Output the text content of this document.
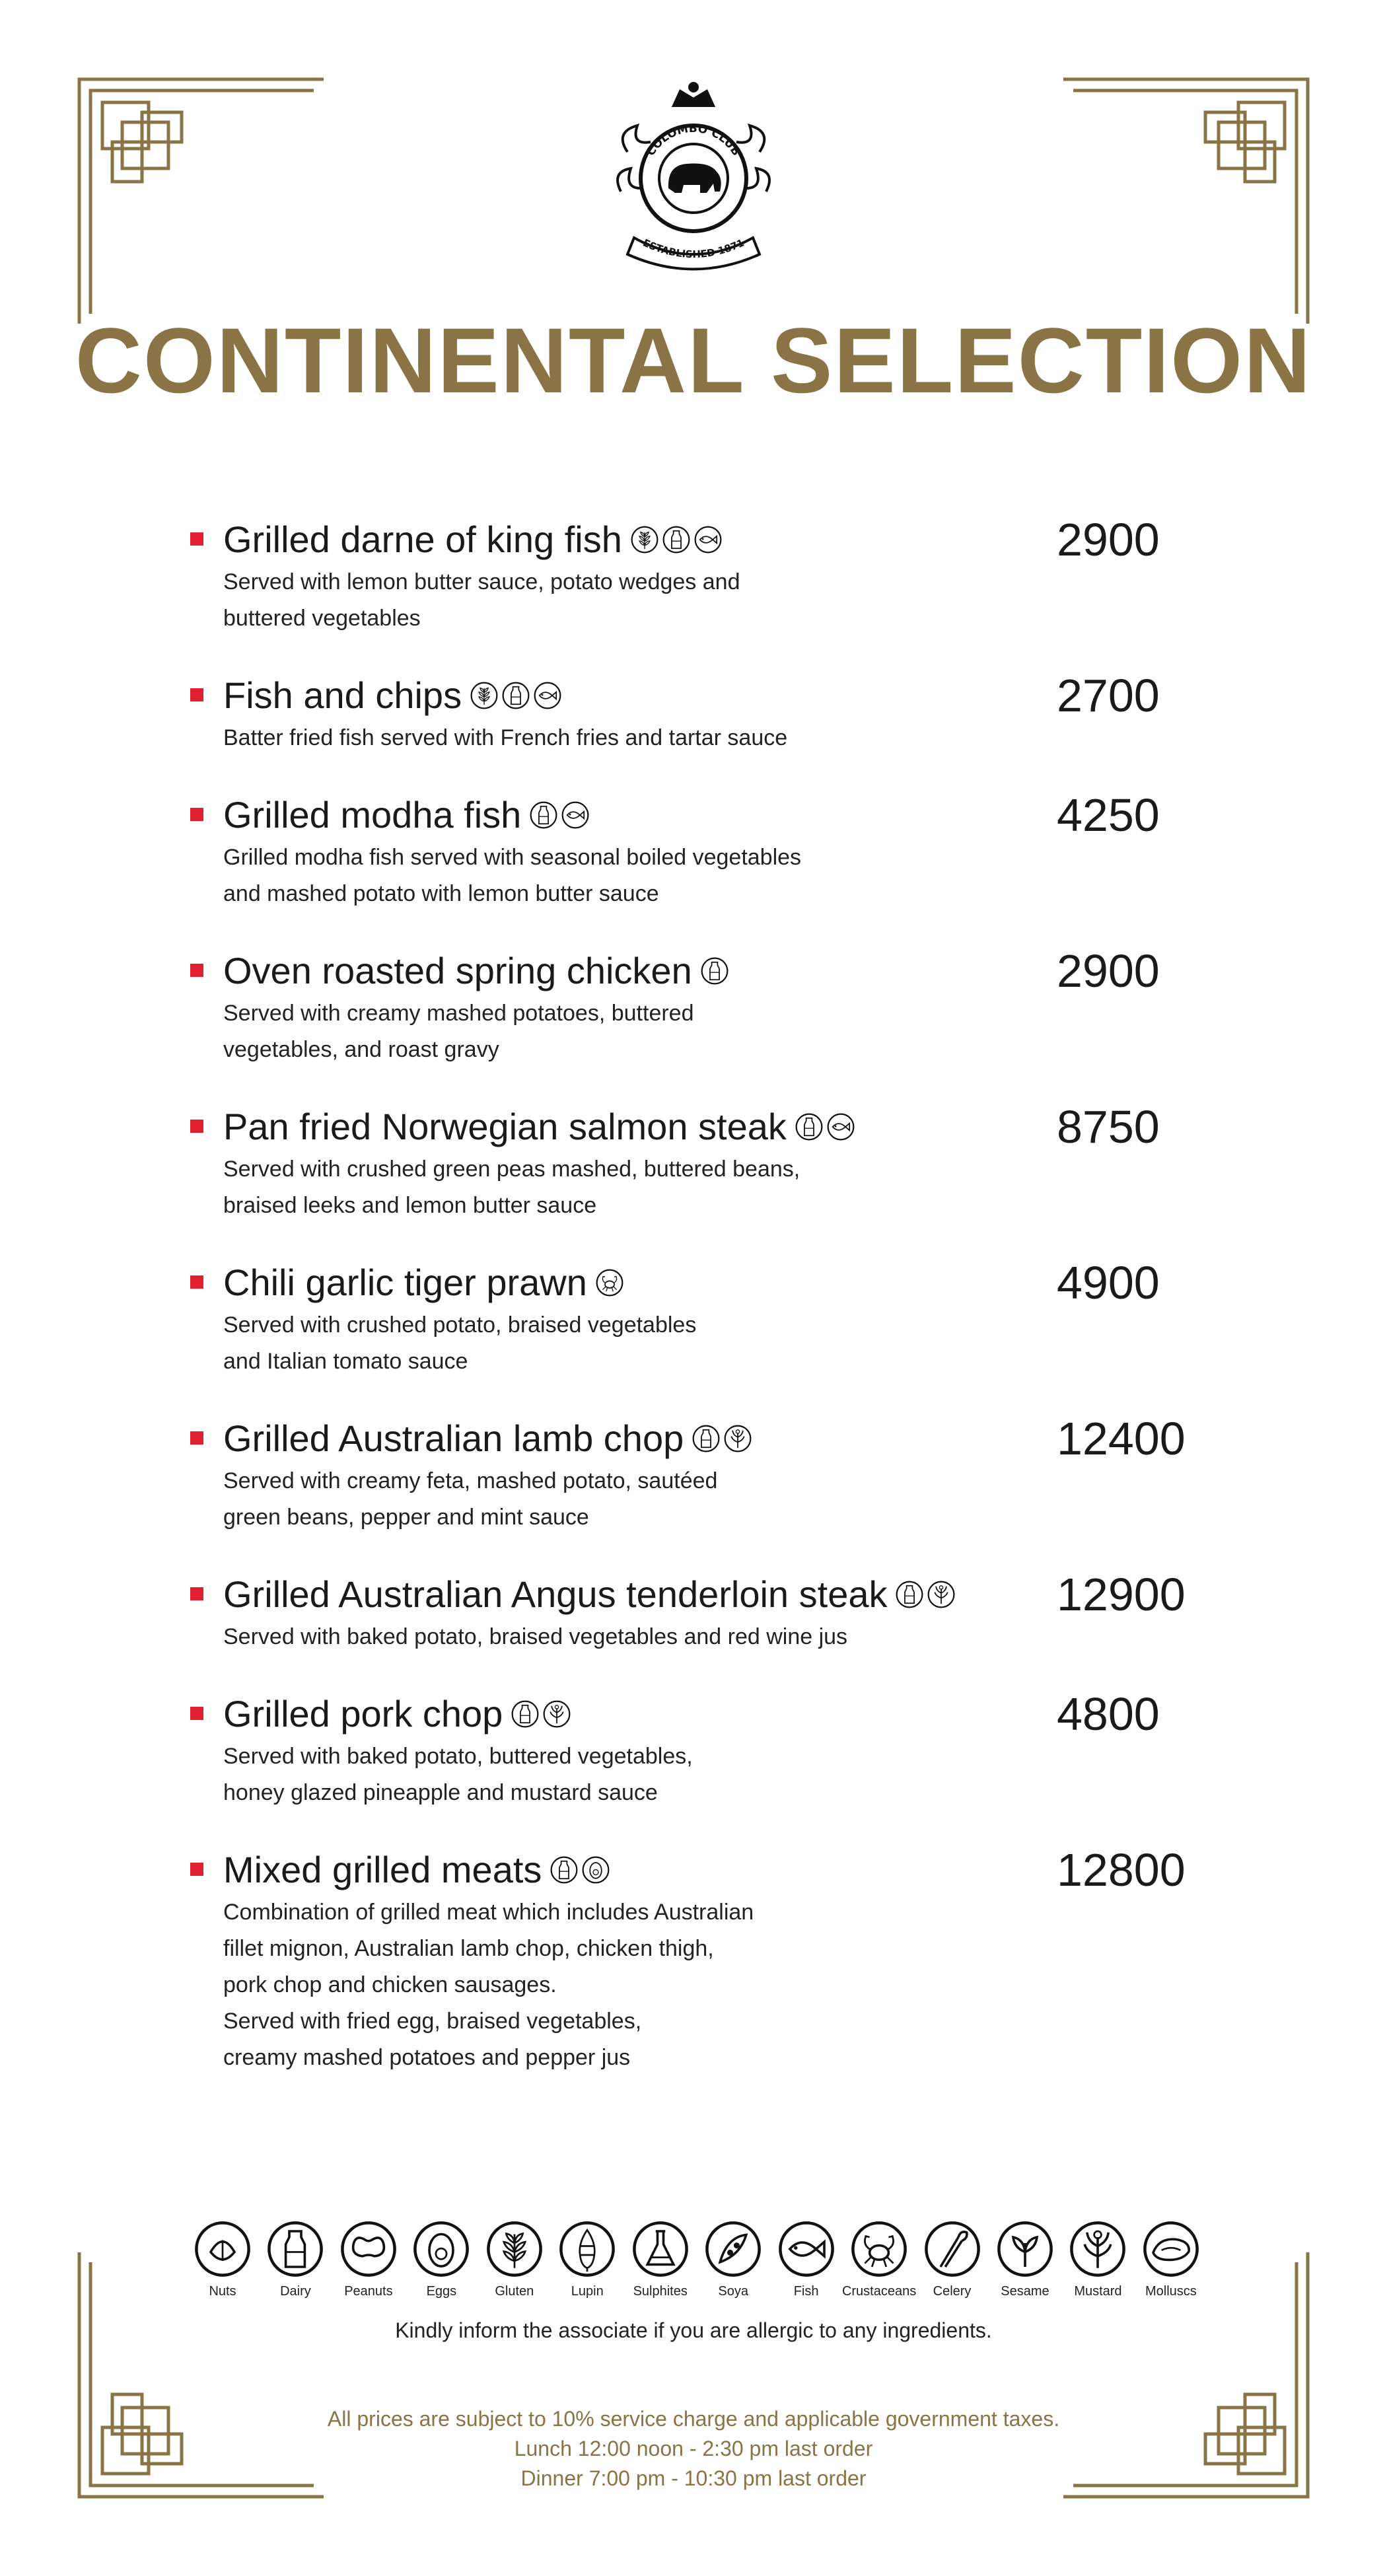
COLOMBO CLUB
ESTABLISHED 1871
CONTINENTAL SELECTION
Grilled darne of king fish
Served with lemon butter sauce, potato wedges and
buttered vegetables
2900
Fish and chips
Batter fried fish served with French fries and tartar sauce
2700
Grilled modha fish
Grilled modha fish served with seasonal boiled vegetables
and mashed potato with lemon butter sauce
4250
Oven roasted spring chicken
Served with creamy mashed potatoes, buttered
vegetables, and roast gravy
2900
Pan fried Norwegian salmon steak
Served with crushed green peas mashed, buttered beans,
braised leeks and lemon butter sauce
8750
Chili garlic tiger prawn
Served with crushed potato, braised vegetables
and Italian tomato sauce
4900
Grilled Australian lamb chop
Served with creamy feta, mashed potato, sautéed
green beans, pepper and mint sauce
12400
Grilled Australian Angus tenderloin steak
Served with baked potato, braised vegetables and red wine jus
12900
Grilled pork chop
Served with baked potato, buttered vegetables,
honey glazed pineapple and mustard sauce
4800
Mixed grilled meats
Combination of grilled meat which includes Australian
fillet mignon, Australian lamb chop, chicken thigh,
pork chop and chicken sausages.
Served with fried egg, braised vegetables,
creamy mashed potatoes and pepper jus
12800
Nuts	Dairy	Peanuts	Eggs	Gluten	Lupin Sulphites Soya	Fish Crustaceans Celery Sesame Mustard Molluscs
Kindly inform the associate if you are allergic to any ingredients.
All prices are subject to 10% service charge and applicable government taxes.
Lunch 12:00 noon - 2:30 pm last order
Dinner 7:00 pm - 10:30 pm last order
